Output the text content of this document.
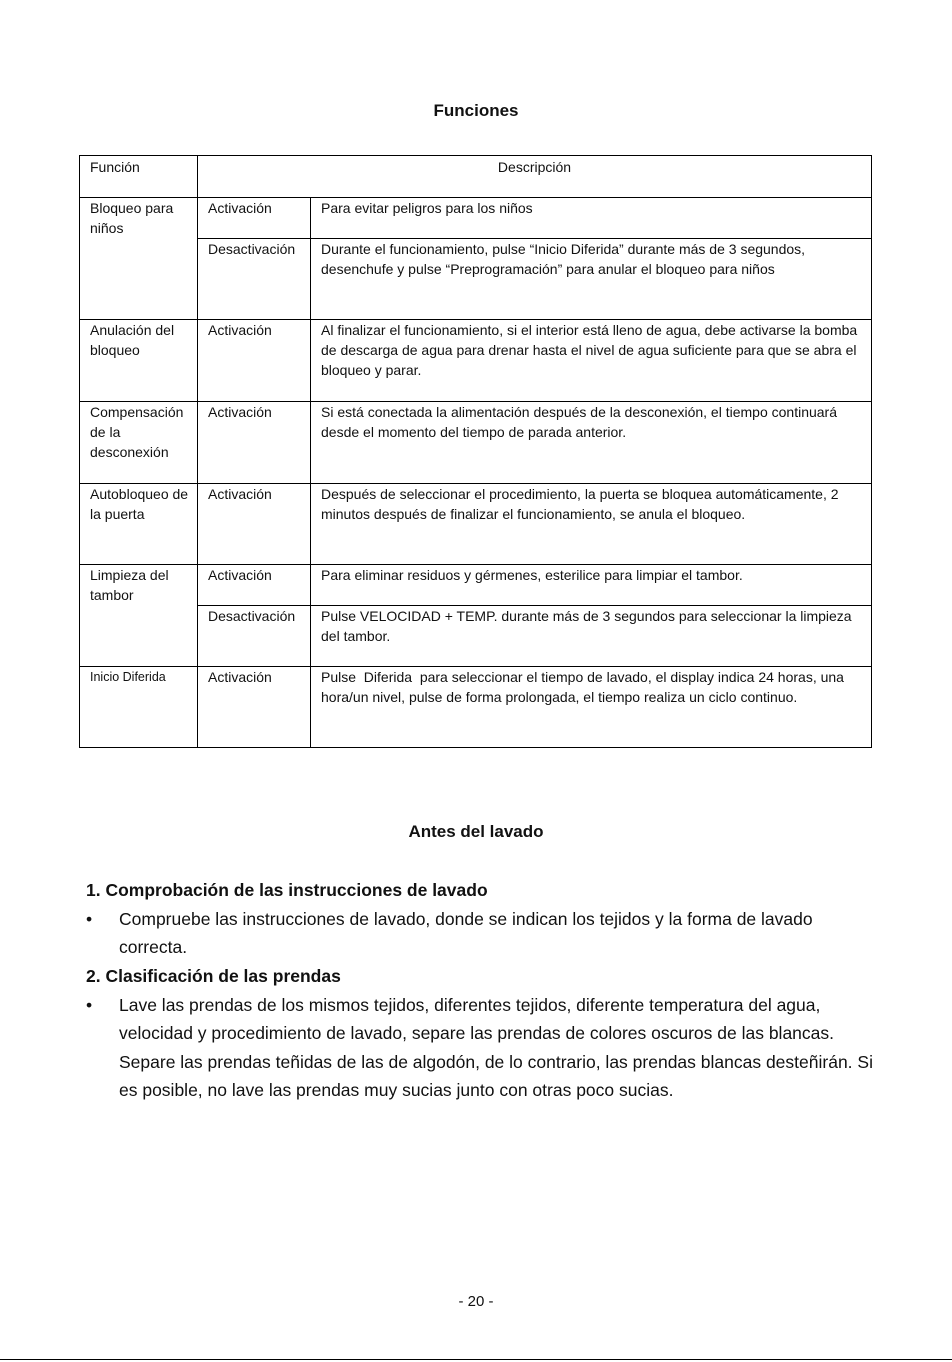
Funciones
Función	Descripción	
Bloqueo para niños	Activación	Para evitar peligros para los niños
	Desactivación	Durante el funcionamiento, pulse “Inicio Diferida” durante más de 3 segundos, desenchufe y pulse “Preprogramación” para anular el bloqueo para niños
Anulación del bloqueo	Activación	Al finalizar el funcionamiento, si el interior está lleno de agua, debe activarse la bomba de descarga de agua para drenar hasta el nivel de agua suficiente para que se abra el bloqueo y parar.
Compensación de la desconexión	Activación	Si está conectada la alimentación después de la desconexión, el tiempo continuará desde el momento del tiempo de parada anterior.
Autobloqueo de la puerta	Activación	Después de seleccionar el procedimiento, la puerta se bloquea automáticamente, 2 minutos después de finalizar el funcionamiento, se anula el bloqueo.
Limpieza del tambor	Activación	Para eliminar residuos y gérmenes, esterilice para limpiar el tambor.
	Desactivación	Pulse VELOCIDAD + TEMP. durante más de 3 segundos para seleccionar la limpieza del tambor.
Inicio Diferida	Activación	Pulse  Diferida  para seleccionar el tiempo de lavado, el display indica 24 horas, una hora/un nivel, pulse de forma prolongada, el tiempo realiza un ciclo continuo.
Antes del lavado
1. Comprobación de las instrucciones de lavado

• Compruebe las instrucciones de lavado, donde se indican los tejidos y la forma de lavado correcta.

2. Clasificación de las prendas

• Lave las prendas de los mismos tejidos, diferentes tejidos, diferente temperatura del agua, velocidad y procedimiento de lavado, separe las prendas de colores oscuros de las blancas. Separe las prendas teñidas de las de algodón, de lo contrario, las prendas blancas desteñirán. Si es posible, no lave las prendas muy sucias junto con otras poco sucias.

- 20 -
